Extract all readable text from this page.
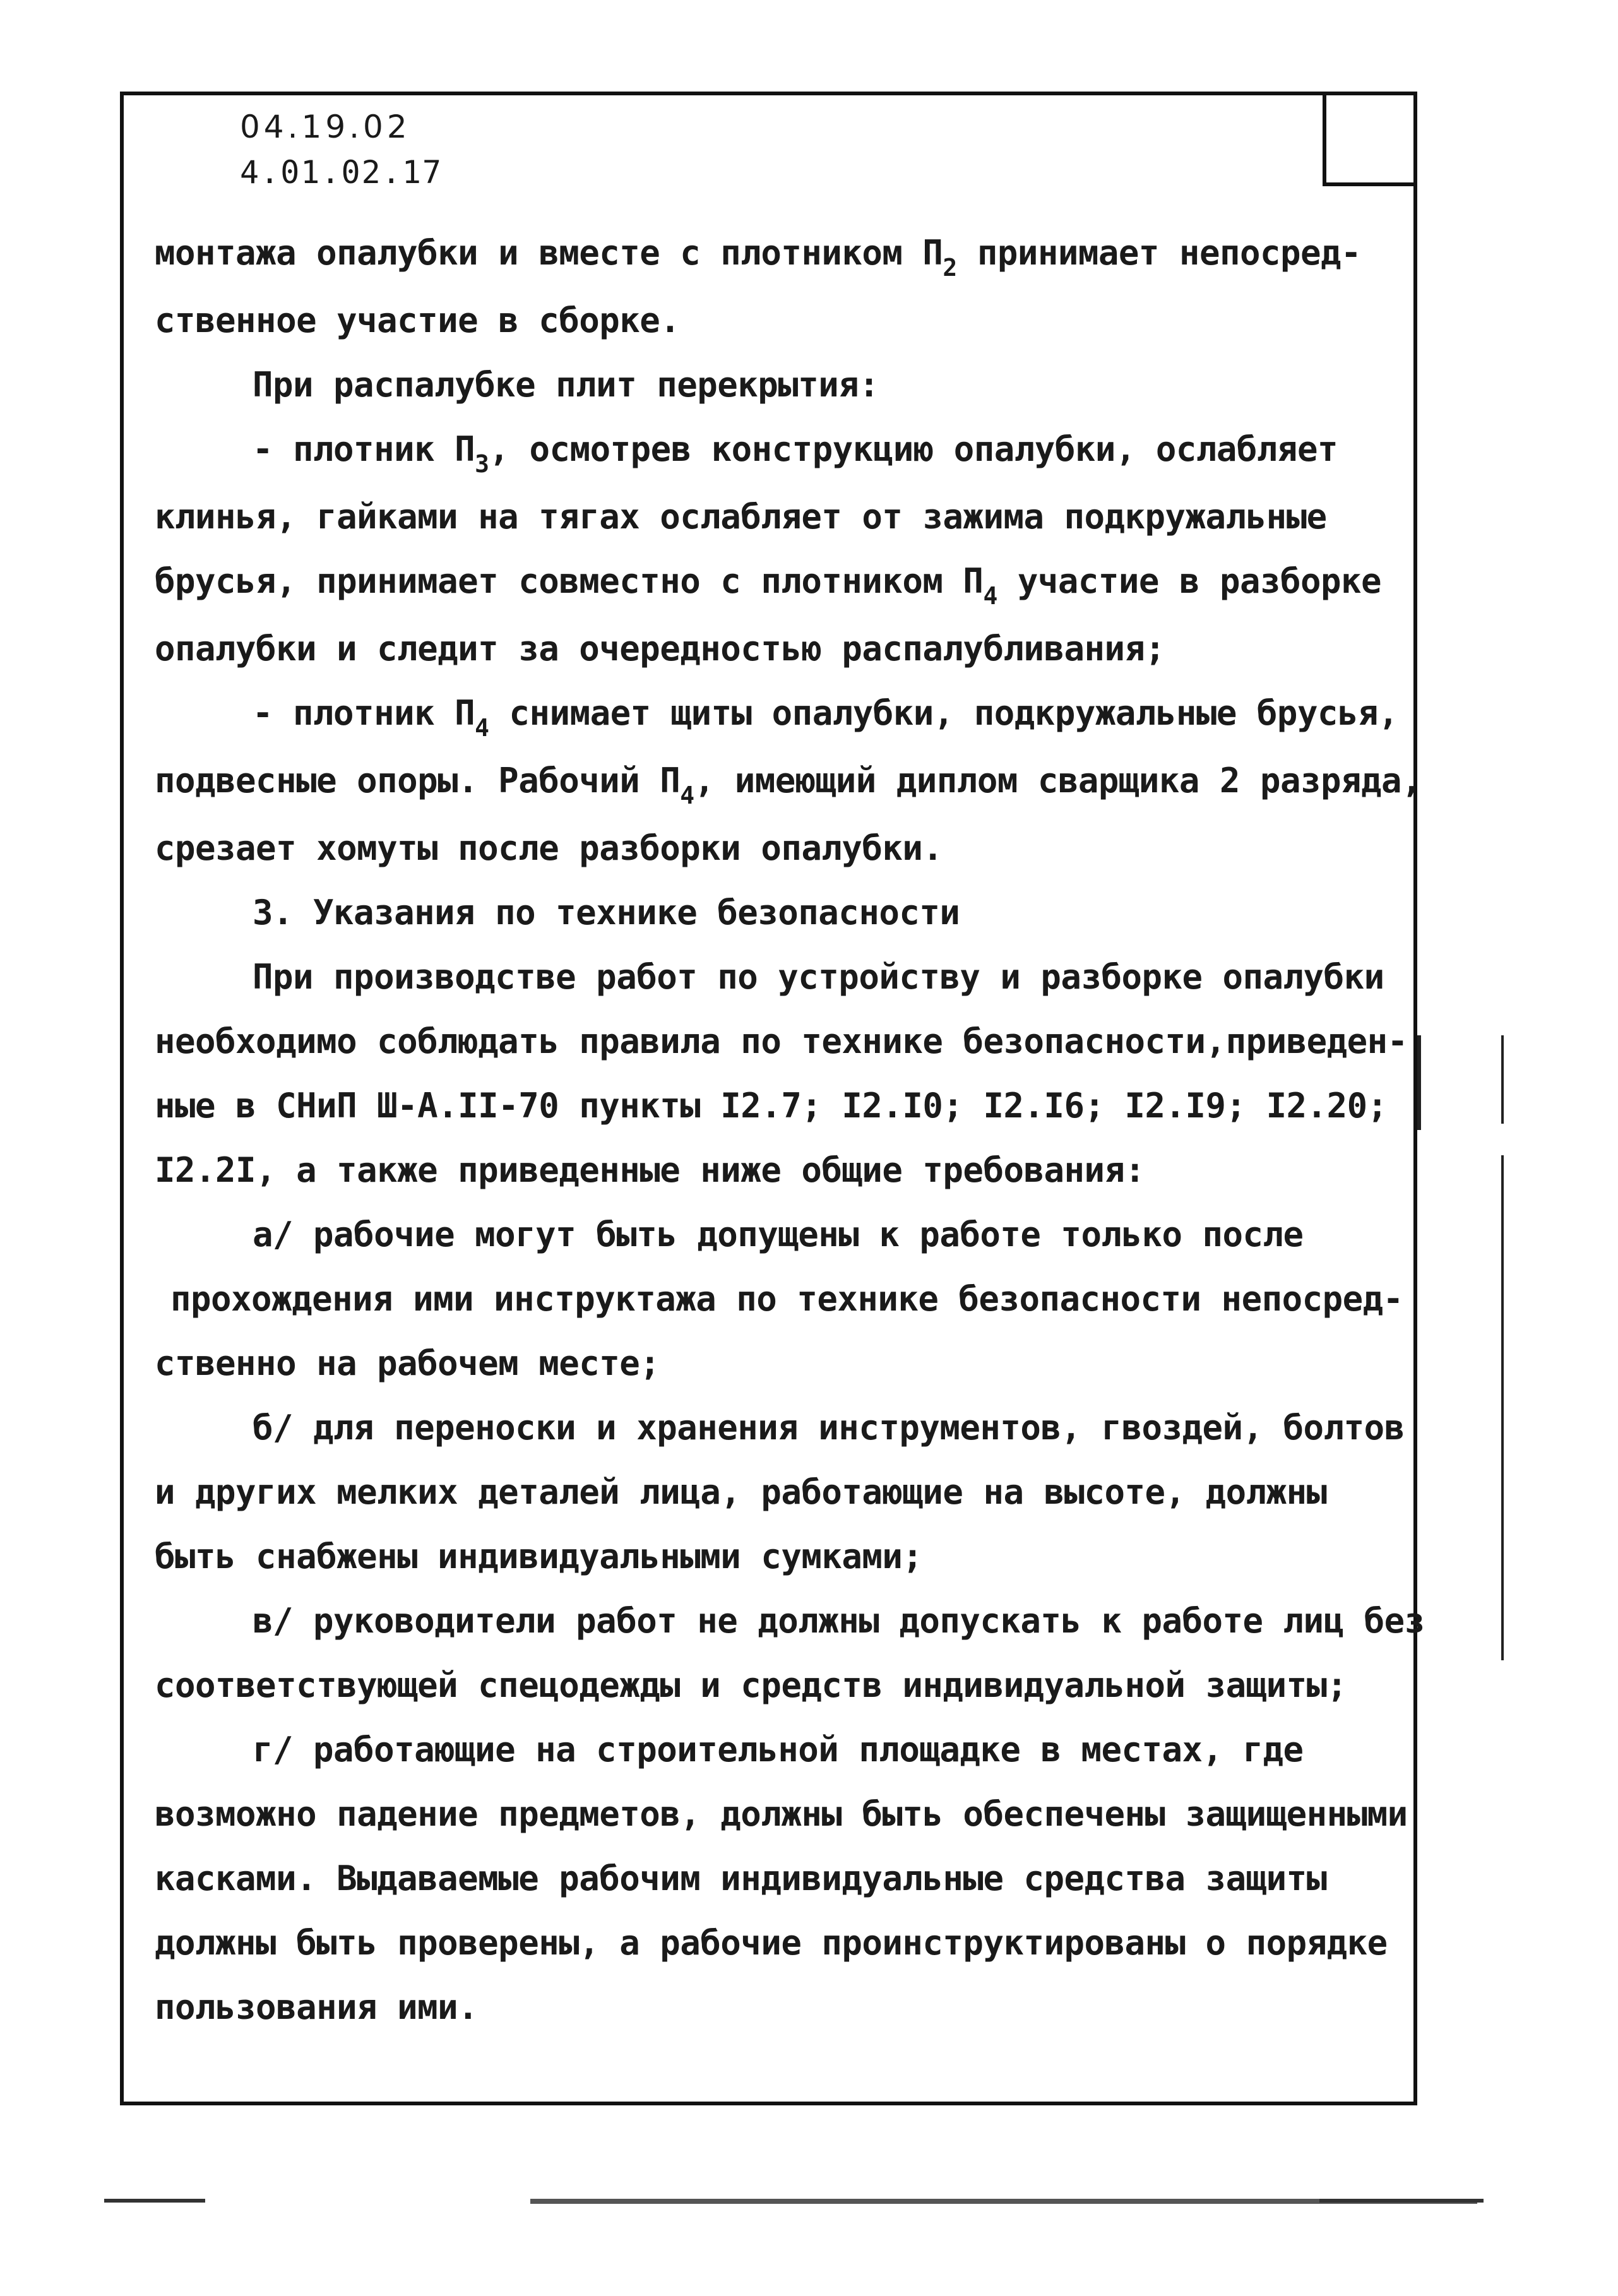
04.19.02
4.01.02.17

монтажа опалубки и вместе с плотником $П_2$ принимает непосред-

ственное участие в сборке.

При распалубке плит перекрытия:

- плотник $П_3$, осмотрев конструкцию опалубки, ослабляет

клинья, гайками на тягах ослабляет от зажима подкружальные

брусья, принимает совместно с плотником $П_4$ участие в разборке

опалубки и следит за очередностью распалубливания;

- плотник $П_4$ снимает щиты опалубки, подкружальные брусья,

подвесные опоры. Рабочий $П_4$, имеющий диплом сварщика 2 разряда,

срезает хомуты после разборки опалубки.

3. Указания по технике безопасности

При производстве работ по устройству и разборке опалубки

необходимо соблюдать правила по технике безопасности,приведен-

ные в СНиП Ш-А.II-70 пункты I2.7; I2.I0; I2.I6; I2.I9; I2.20;

I2.2I, а также приведенные ниже общие требования:

а/ рабочие могут быть допущены к работе только после

прохождения ими инструктажа по технике безопасности непосред-

ственно на рабочем месте;

б/ для переноски и хранения инструментов, гвоздей, болтов

и других мелких деталей лица, работающие на высоте, должны

быть снабжены индивидуальными сумками;

в/ руководители работ не должны допускать к работе лиц без

соответствующей спецодежды и средств индивидуальной защиты;

г/ работающие на строительной площадке в местах, где

возможно падение предметов, должны быть обеспечены защищенными

касками. Выдаваемые рабочим индивидуальные средства защиты

должны быть проверены, а рабочие проинструктированы о порядке

пользования ими.
